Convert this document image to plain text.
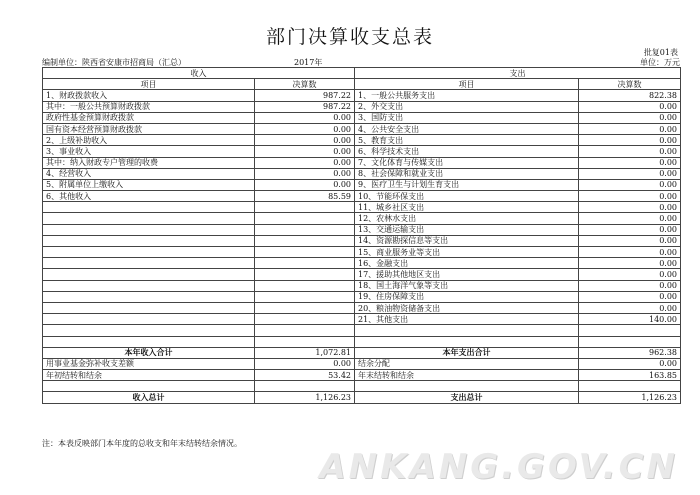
部门决算收支总表
批复01表
编制单位：陕西省安康市招商局（汇总）	2017年	单位：万元
收入		支出	
项目	决算数	项目	决算数
1、财政拨款收入	987.22	1、一般公共服务支出	822.38
其中：一般公共预算财政拨款	987.22	2、外交支出	0.00
政府性基金预算财政拨款	0.00	3、国防支出	0.00
国有资本经营预算财政拨款	0.00	4、公共安全支出	0.00
2、上级补助收入	0.00	5、教育支出	0.00
3、事业收入	0.00	6、科学技术支出	0.00
其中：纳入财政专户管理的收费	0.00	7、文化体育与传媒支出	0.00
4、经营收入	0.00	8、社会保障和就业支出	0.00
5、附属单位上缴收入	0.00	9、医疗卫生与计划生育支出	0.00
6、其他收入	85.59	10、节能环保支出	0.00
		11、城乡社区支出	0.00
		12、农林水支出	0.00
		13、交通运输支出	0.00
		14、资源勘探信息等支出	0.00
		15、商业服务业等支出	0.00
		16、金融支出	0.00
		17、援助其他地区支出	0.00
		18、国土海洋气象等支出	0.00
		19、住房保障支出	0.00
		20、粮油物资储备支出	0.00
		21、其他支出	140.00

本年收入合计	1,072.81	本年支出合计	962.38
用事业基金弥补收支差额	0.00	结余分配	0.00
年初结转和结余	53.42	年末结转和结余	163.85

收入总计	1,126.23	支出总计	1,126.23
注：本表反映部门本年度的总收支和年末结转结余情况。
ANKANG.GOV.CN
